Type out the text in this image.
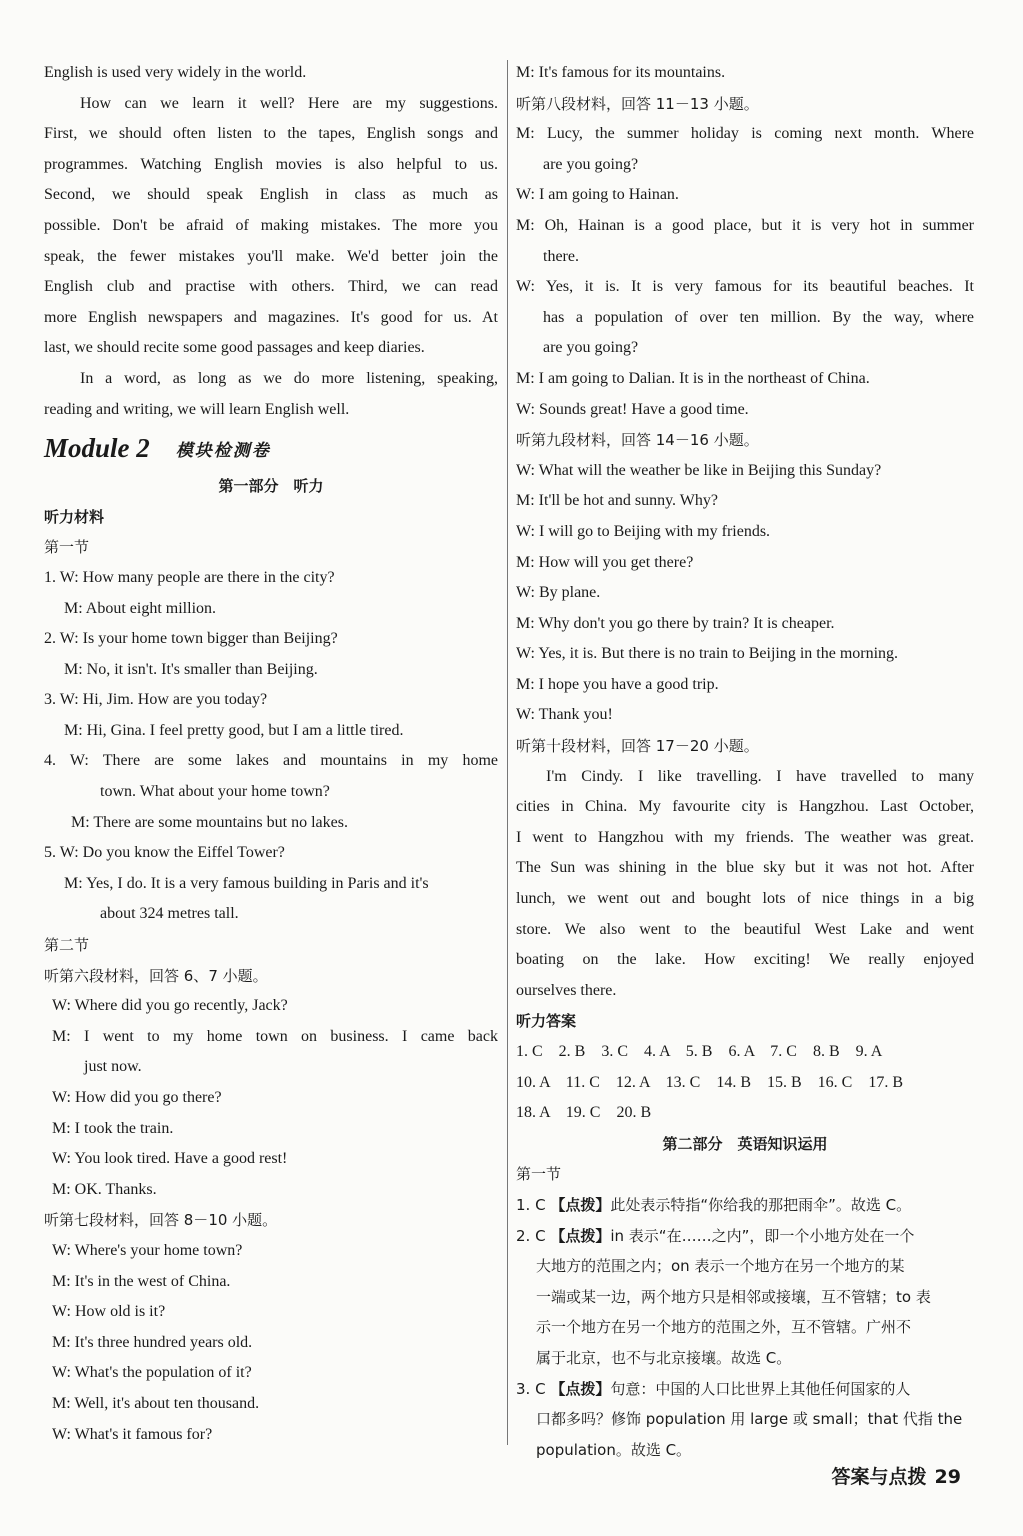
English is used very widely in the world.
How can we learn it well? Here are my suggestions.
First, we should often listen to the tapes, English songs and
programmes. Watching English movies is also helpful to us.
Second, we should speak English in class as much as
possible. Don't be afraid of making mistakes. The more you
speak, the fewer mistakes you'll make. We'd better join the
English club and practise with others. Third, we can read
more English newspapers and magazines. It's good for us. At
last, we should recite some good passages and keep diaries.
In a word, as long as we do more listening, speaking,
reading and writing, we will learn English well.
Module 2 模块检测卷
第一部分　听力
听力材料
第一节
1. W: How many people are there in the city?
M: About eight million.
2. W: Is your home town bigger than Beijing?
M: No, it isn't. It's smaller than Beijing.
3. W: Hi, Jim. How are you today?
M: Hi, Gina. I feel pretty good, but I am a little tired.
4. W: There are some lakes and mountains in my home
town. What about your home town?
M: There are some mountains but no lakes.
5. W: Do you know the Eiffel Tower?
M: Yes, I do. It is a very famous building in Paris and it's
about 324 metres tall.
第二节
听第六段材料，回答 6、7 小题。
W: Where did you go recently, Jack?
M: I went to my home town on business. I came back
just now.
W: How did you go there?
M: I took the train.
W: You look tired. Have a good rest!
M: OK. Thanks.
听第七段材料，回答 8－10 小题。
W: Where's your home town?
M: It's in the west of China.
W: How old is it?
M: It's three hundred years old.
W: What's the population of it?
M: Well, it's about ten thousand.
W: What's it famous for?
M: It's famous for its mountains.
听第八段材料，回答 11－13 小题。
M: Lucy, the summer holiday is coming next month. Where
are you going?
W: I am going to Hainan.
M: Oh, Hainan is a good place, but it is very hot in summer
there.
W: Yes, it is. It is very famous for its beautiful beaches. It
has a population of over ten million. By the way, where
are you going?
M: I am going to Dalian. It is in the northeast of China.
W: Sounds great! Have a good time.
听第九段材料，回答 14－16 小题。
W: What will the weather be like in Beijing this Sunday?
M: It'll be hot and sunny. Why?
W: I will go to Beijing with my friends.
M: How will you get there?
W: By plane.
M: Why don't you go there by train? It is cheaper.
W: Yes, it is. But there is no train to Beijing in the morning.
M: I hope you have a good trip.
W: Thank you!
听第十段材料，回答 17－20 小题。
I'm Cindy. I like travelling. I have travelled to many
cities in China. My favourite city is Hangzhou. Last October,
I went to Hangzhou with my friends. The weather was great.
The Sun was shining in the blue sky but it was not hot. After
lunch, we went out and bought lots of nice things in a big
store. We also went to the beautiful West Lake and went
boating on the lake. How exciting! We really enjoyed
ourselves there.
听力答案
1. C　2. B　3. C　4. A　5. B　6. A　7. C　8. B　9. A
10. A　11. C　12. A　13. C　14. B　15. B　16. C　17. B
18. A　19. C　20. B
第二部分　英语知识运用
第一节
1. C 【点拨】此处表示特指“你给我的那把雨伞”。故选 C。
2. C 【点拨】in 表示“在……之内”，即一个小地方处在一个
大地方的范围之内；on 表示一个地方在另一个地方的某
一端或某一边，两个地方只是相邻或接壤，互不管辖；to 表
示一个地方在另一个地方的范围之外，互不管辖。广州不
属于北京，也不与北京接壤。故选 C。
3. C 【点拨】句意：中国的人口比世界上其他任何国家的人
口都多吗？修饰 population 用 large 或 small；that 代指 the
population。故选 C。
答案与点拨 29
